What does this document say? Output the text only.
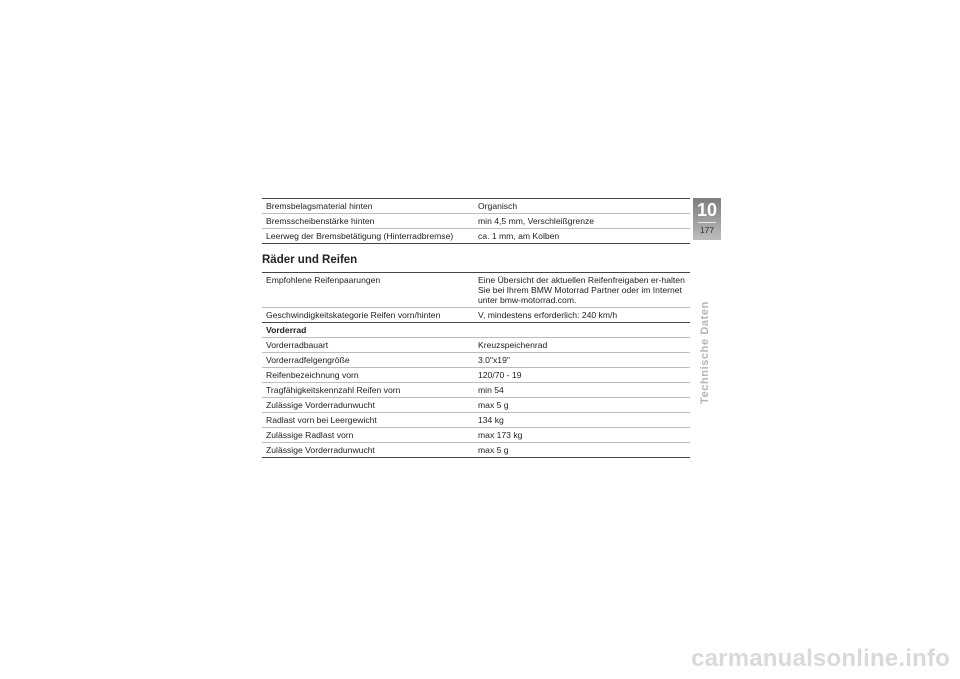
Bremsbelagsmaterial hinten	Organisch
Bremsscheibenstärke hinten	min 4,5 mm, Verschleißgrenze
Leerweg der Bremsbetätigung (Hinterradbremse)	ca. 1 mm, am Kolben
Räder und Reifen
Empfohlene Reifenpaarungen	Eine Übersicht der aktuellen Reifenfreigaben er-halten Sie bei Ihrem BMW Motorrad Partner oder im Internet unter bmw-motorrad.com.
Geschwindigkeitskategorie Reifen vorn/hinten	V, mindestens erforderlich: 240 km/h
Vorderrad	
Vorderradbauart	Kreuzspeichenrad
Vorderradfelgengröße	3.0"x19"
Reifenbezeichnung vorn	120/70 - 19
Tragfähigkeitskennzahl Reifen vorn	min 54
Zulässige Vorderradunwucht	max 5 g
Radlast vorn bei Leergewicht	134 kg
Zulässige Radlast vorn	max 173 kg
Zulässige Vorderradunwucht	max 5 g
10
177
Technische Daten
carmanualsonline.info
